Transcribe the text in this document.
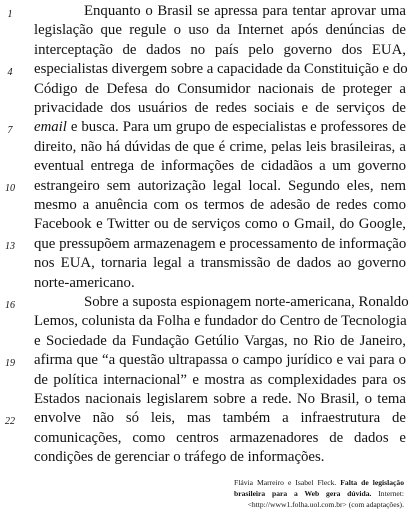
1
4
7
10
13
16
19
22
Enquanto o Brasil se apressa para tentar aprovar uma
legislação que regule o uso da Internet após denúncias de
interceptação de dados no país pelo governo dos EUA,
especialistas divergem sobre a capacidade da Constituição e do
Código de Defesa do Consumidor nacionais de proteger a
privacidade dos usuários de redes sociais e de serviços de
email e busca. Para um grupo de especialistas e professores de
direito, não há dúvidas de que é crime, pelas leis brasileiras, a
eventual entrega de informações de cidadãos a um governo
estrangeiro sem autorização legal local. Segundo eles, nem
mesmo a anuência com os termos de adesão de redes como
Facebook e Twitter ou de serviços como o Gmail, do Google,
que pressupõem armazenagem e processamento de informação
nos EUA, tornaria legal a transmissão de dados ao governo
norte-americano.
Sobre a suposta espionagem norte-americana, Ronaldo
Lemos, colunista da Folha e fundador do Centro de Tecnologia
e Sociedade da Fundação Getúlio Vargas, no Rio de Janeiro,
afirma que “a questão ultrapassa o campo jurídico e vai para o
de política internacional” e mostra as complexidades para os
Estados nacionais legislarem sobre a rede. No Brasil, o tema
envolve não só leis, mas também a infraestrutura de
comunicações, como centros armazenadores de dados e
condições de gerenciar o tráfego de informações.
Flávia Marreiro e Isabel Fleck. Falta de legislação
brasileira para a Web gera dúvida. Internet:
<http://www1.folha.uol.com.br> (com adaptações).
